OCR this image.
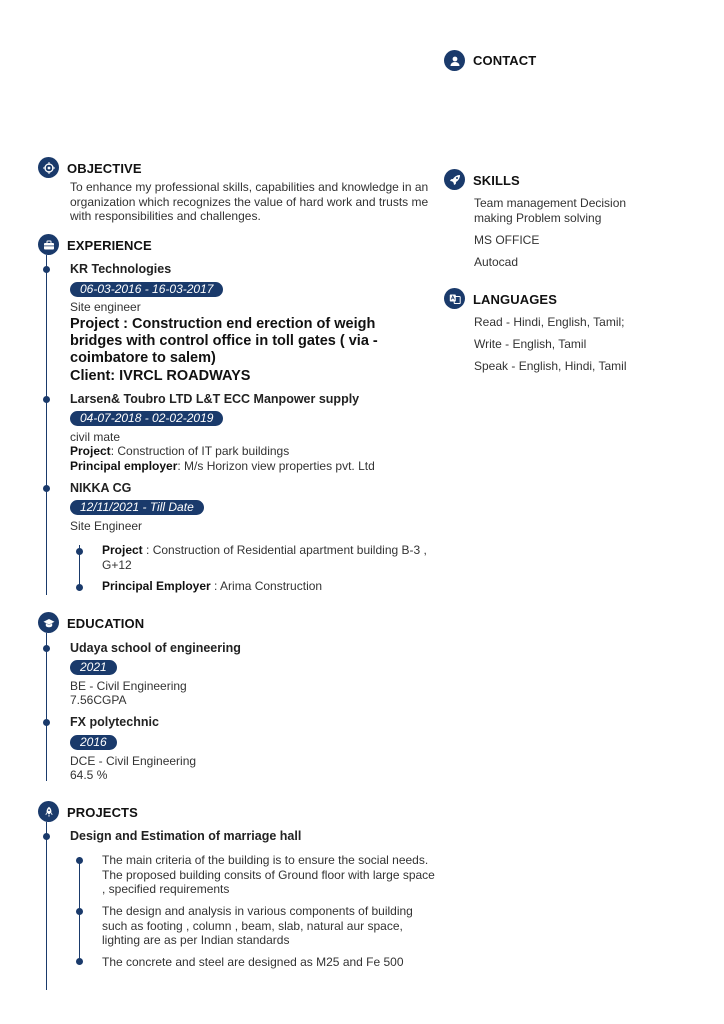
CONTACT
OBJECTIVE
To enhance my professional skills, capabilities and knowledge in an organization which recognizes the value of hard work and trusts me with responsibilities and challenges.
EXPERIENCE
KR Technologies
06-03-2016 - 16-03-2017
Site engineer
Project : Construction end erection of weigh bridges with control office in toll gates ( via - coimbatore to salem)
Client: IVRCL ROADWAYS
Larsen& Toubro LTD L&T ECC Manpower supply
04-07-2018 - 02-02-2019
civil mate
Project: Construction of IT park buildings
Principal employer: M/s Horizon view properties pvt. Ltd
NIKKA CG
12/11/2021 - Till Date
Site Engineer
Project : Construction of Residential apartment building B-3 , G+12
Principal Employer : Arima Construction
EDUCATION
Udaya school of engineering
2021
BE - Civil Engineering
7.56CGPA
FX polytechnic
2016
DCE - Civil Engineering
64.5 %
PROJECTS
Design and Estimation of marriage hall
The main criteria of the building is to ensure the social needs. The proposed building consits of Ground floor with large space , specified requirements
The design and analysis in various components of building such as footing , column , beam, slab, natural aur space, lighting are as per Indian standards
The concrete and steel are designed as M25 and Fe 500
SKILLS
Team management Decision making Problem solving
MS OFFICE
Autocad
LANGUAGES
Read - Hindi, English, Tamil;
Write - English, Tamil
Speak - English, Hindi, Tamil
